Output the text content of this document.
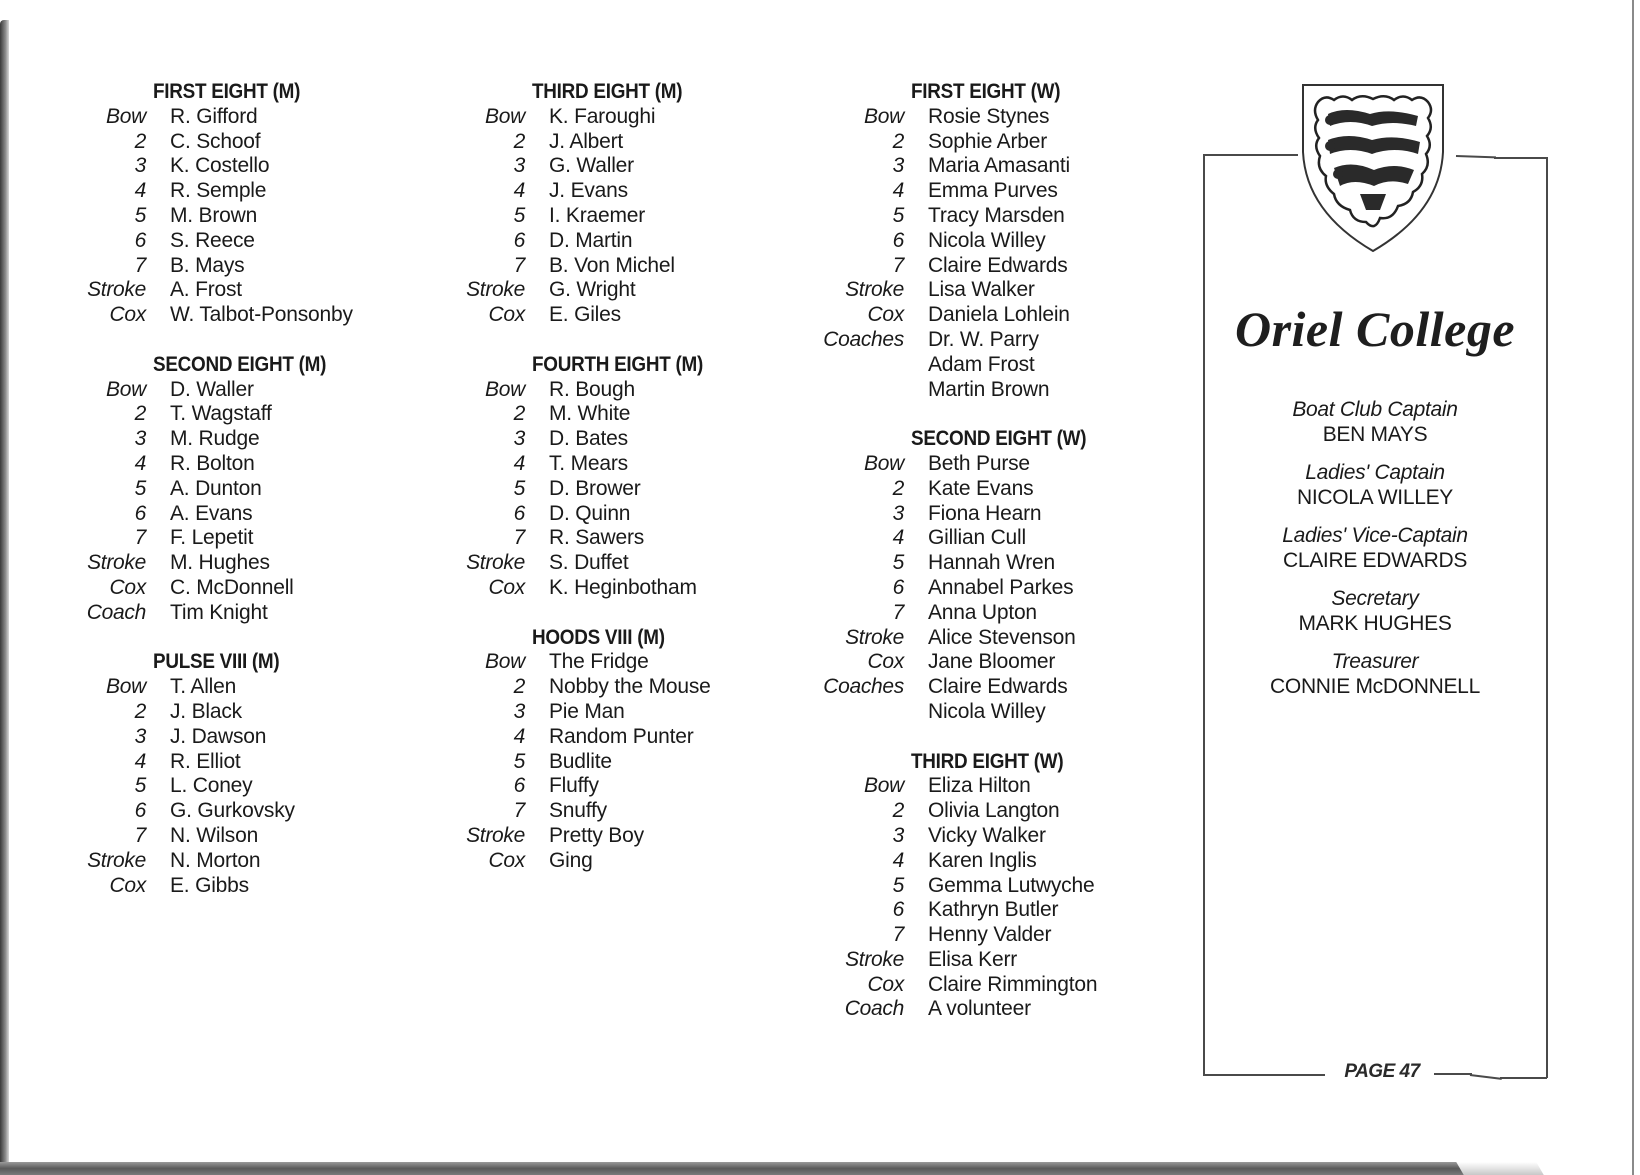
FIRST EIGHT (M)
Bow R. Gifford
2 C. Schoof
3 K. Costello
4 R. Semple
5 M. Brown
6 S. Reece
7 B. Mays
Stroke A. Frost
Cox W. Talbot-Ponsonby
SECOND EIGHT (M)
Bow D. Waller
2 T. Wagstaff
3 M. Rudge
4 R. Bolton
5 A. Dunton
6 A. Evans
7 F. Lepetit
Stroke M. Hughes
Cox C. McDonnell
Coach Tim Knight
PULSE VIII (M)
Bow T. Allen
2 J. Black
3 J. Dawson
4 R. Elliot
5 L. Coney
6 G. Gurkovsky
7 N. Wilson
Stroke N. Morton
Cox E. Gibbs
THIRD EIGHT (M)
Bow K. Faroughi
2 J. Albert
3 G. Waller
4 J. Evans
5 I. Kraemer
6 D. Martin
7 B. Von Michel
Stroke G. Wright
Cox E. Giles
FOURTH EIGHT (M)
Bow R. Bough
2 M. White
3 D. Bates
4 T. Mears
5 D. Brower
6 D. Quinn
7 R. Sawers
Stroke S. Duffet
Cox K. Heginbotham
HOODS VIII (M)
Bow The Fridge
2 Nobby the Mouse
3 Pie Man
4 Random Punter
5 Budlite
6 Fluffy
7 Snuffy
Stroke Pretty Boy
Cox Ging
FIRST EIGHT (W)
Bow Rosie Stynes
2 Sophie Arber
3 Maria Amasanti
4 Emma Purves
5 Tracy Marsden
6 Nicola Willey
7 Claire Edwards
Stroke Lisa Walker
Cox Daniela Lohlein
Coaches Dr. W. Parry
Adam Frost
Martin Brown
SECOND EIGHT (W)
Bow Beth Purse
2 Kate Evans
3 Fiona Hearn
4 Gillian Cull
5 Hannah Wren
6 Annabel Parkes
7 Anna Upton
Stroke Alice Stevenson
Cox Jane Bloomer
Coaches Claire Edwards
Nicola Willey
THIRD EIGHT (W)
Bow Eliza Hilton
2 Olivia Langton
3 Vicky Walker
4 Karen Inglis
5 Gemma Lutwyche
6 Kathryn Butler
7 Henny Valder
Stroke Elisa Kerr
Cox Claire Rimmington
Coach A volunteer
Oriel College
Boat Club Captain
BEN MAYS
Ladies' Captain
NICOLA WILLEY
Ladies' Vice-Captain
CLAIRE EDWARDS
Secretary
MARK HUGHES
Treasurer
CONNIE McDONNELL
PAGE 47
